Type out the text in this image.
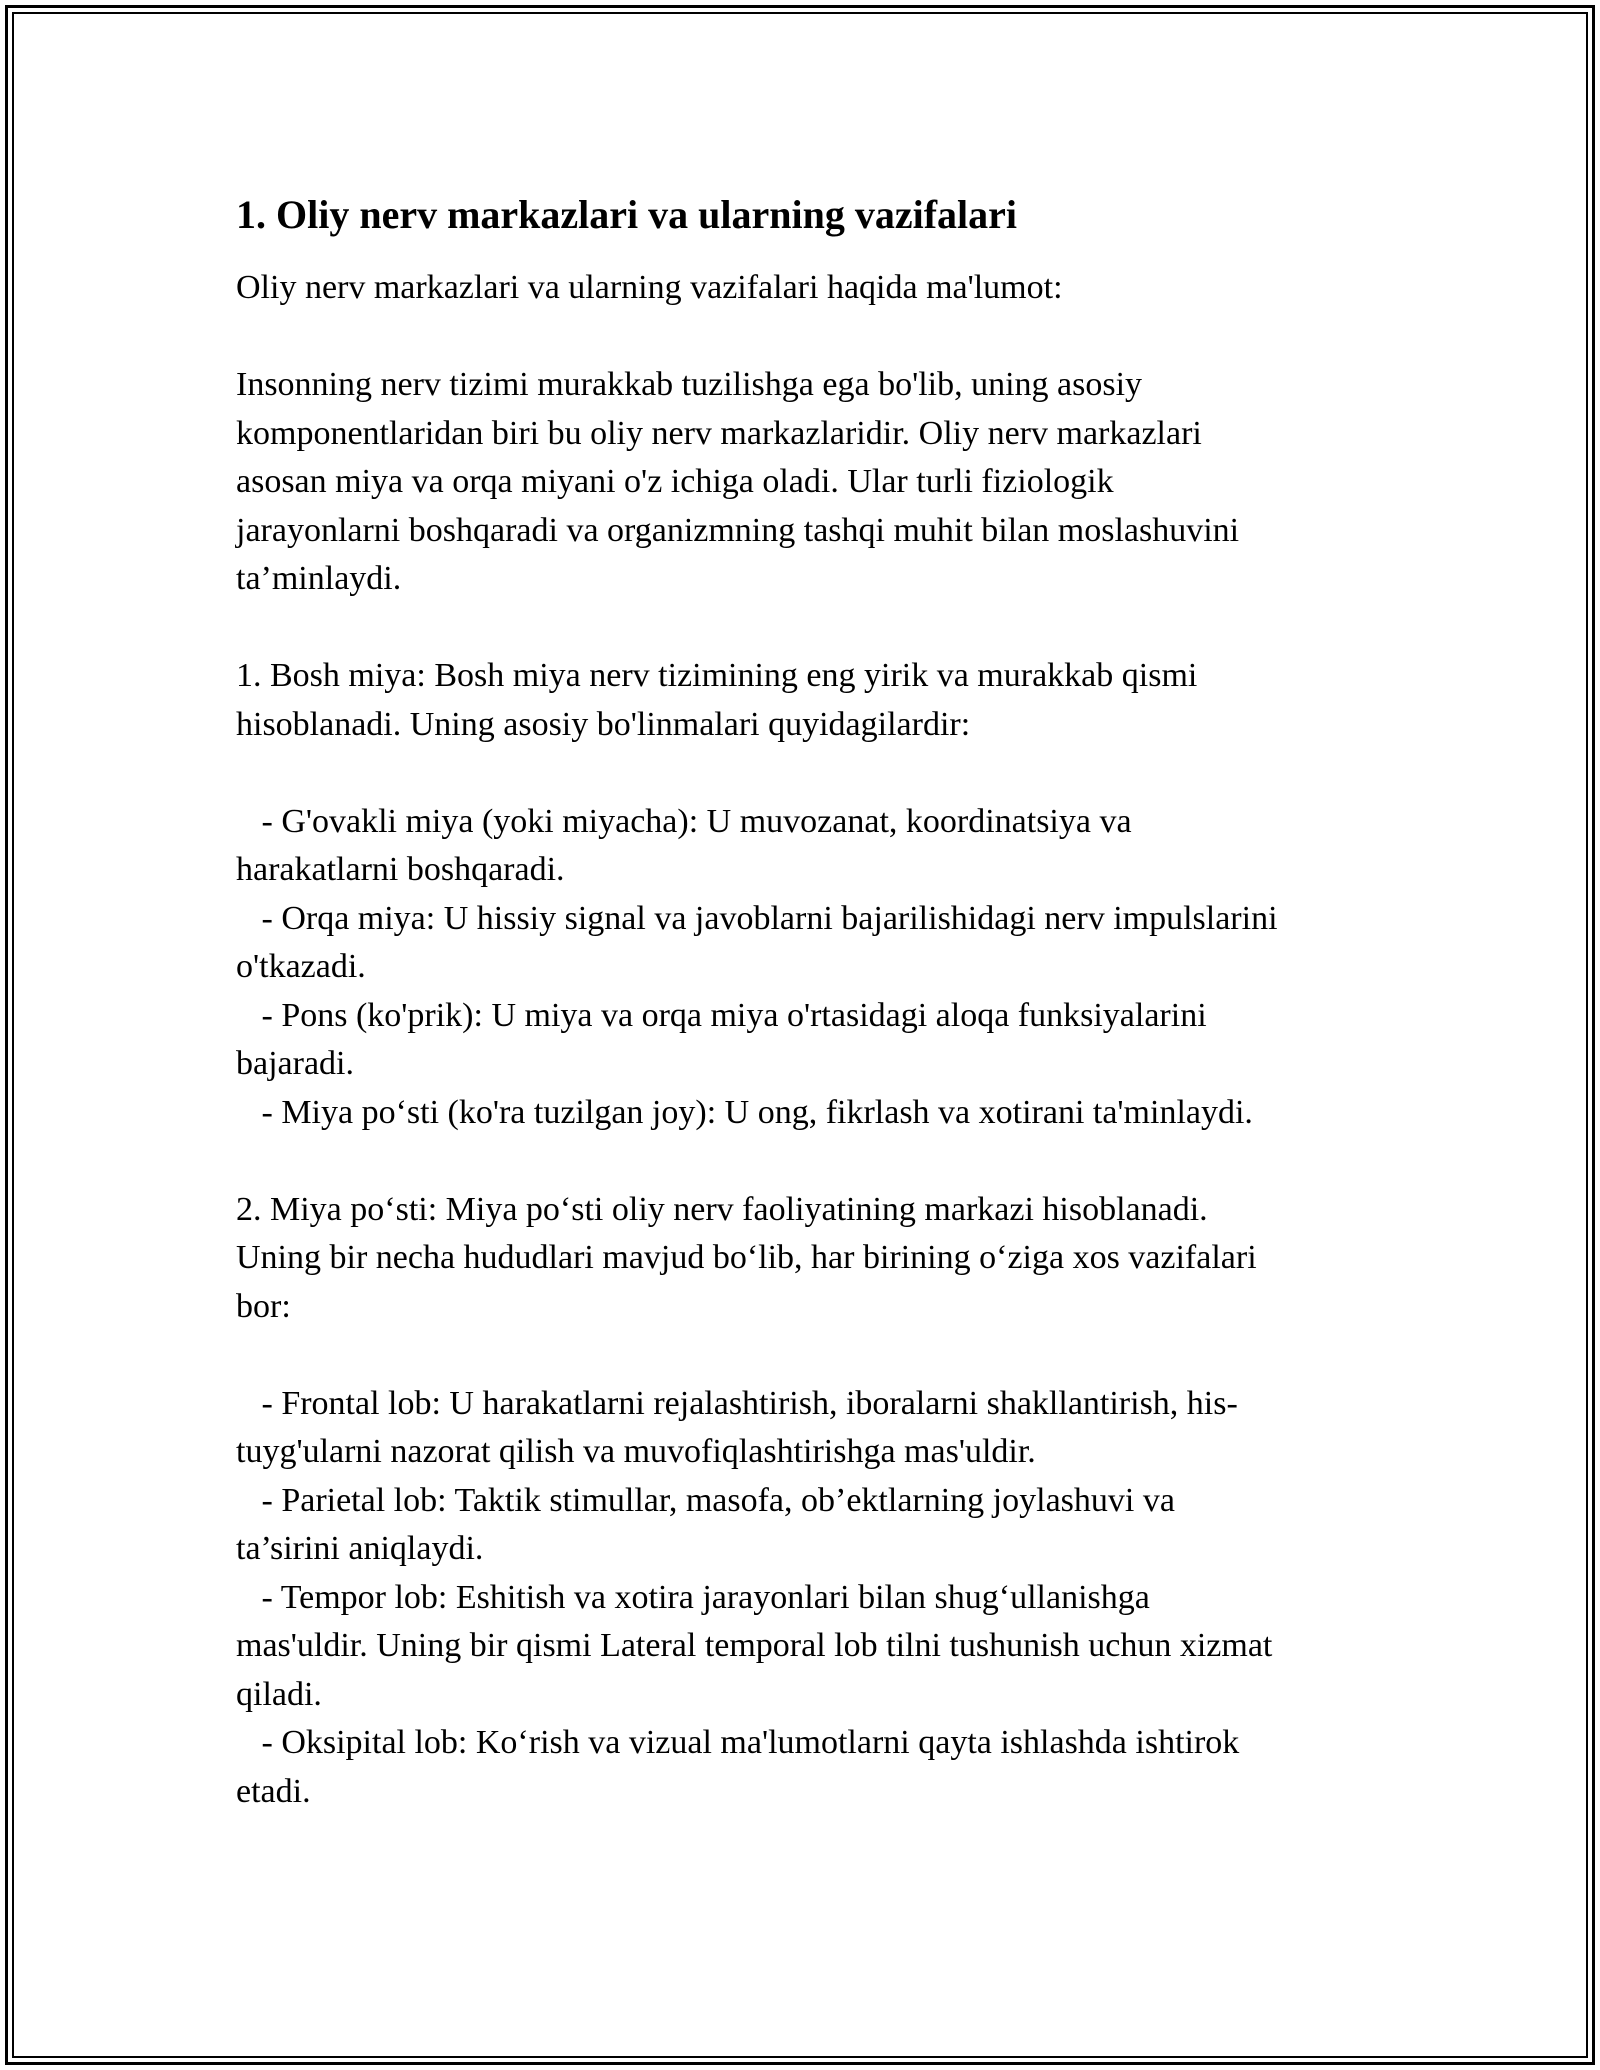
1. Oliy nerv markazlari va ularning vazifalari

Oliy nerv markazlari va ularning vazifalari haqida ma'lumot:

Insonning nerv tizimi murakkab tuzilishga ega bo'lib, uning asosiy
komponentlaridan biri bu oliy nerv markazlaridir. Oliy nerv markazlari
asosan miya va orqa miyani o'z ichiga oladi. Ular turli fiziologik
jarayonlarni boshqaradi va organizmning tashqi muhit bilan moslashuvini
ta’minlaydi.

1. Bosh miya: Bosh miya nerv tizimining eng yirik va murakkab qismi
hisoblanadi. Uning asosiy bo'linmalari quyidagilardir:

- G'ovakli miya (yoki miyacha): U muvozanat, koordinatsiya va
harakatlarni boshqaradi.

- Orqa miya: U hissiy signal va javoblarni bajarilishidagi nerv impulslarini
o'tkazadi.

- Pons (ko'prik): U miya va orqa miya o'rtasidagi aloqa funksiyalarini
bajaradi.

- Miya po‘sti (ko'ra tuzilgan joy): U ong, fikrlash va xotirani ta'minlaydi.

2. Miya po‘sti: Miya po‘sti oliy nerv faoliyatining markazi hisoblanadi.
Uning bir necha hududlari mavjud bo‘lib, har birining o‘ziga xos vazifalari
bor:

- Frontal lob: U harakatlarni rejalashtirish, iboralarni shakllantirish, his-
tuyg'ularni nazorat qilish va muvofiqlashtirishga mas'uldir.

- Parietal lob: Taktik stimullar, masofa, ob’ektlarning joylashuvi va
ta’sirini aniqlaydi.

- Tempor lob: Eshitish va xotira jarayonlari bilan shug‘ullanishga
mas'uldir. Uning bir qismi Lateral temporal lob tilni tushunish uchun xizmat
qiladi.

- Oksipital lob: Ko‘rish va vizual ma'lumotlarni qayta ishlashda ishtirok
etadi.
